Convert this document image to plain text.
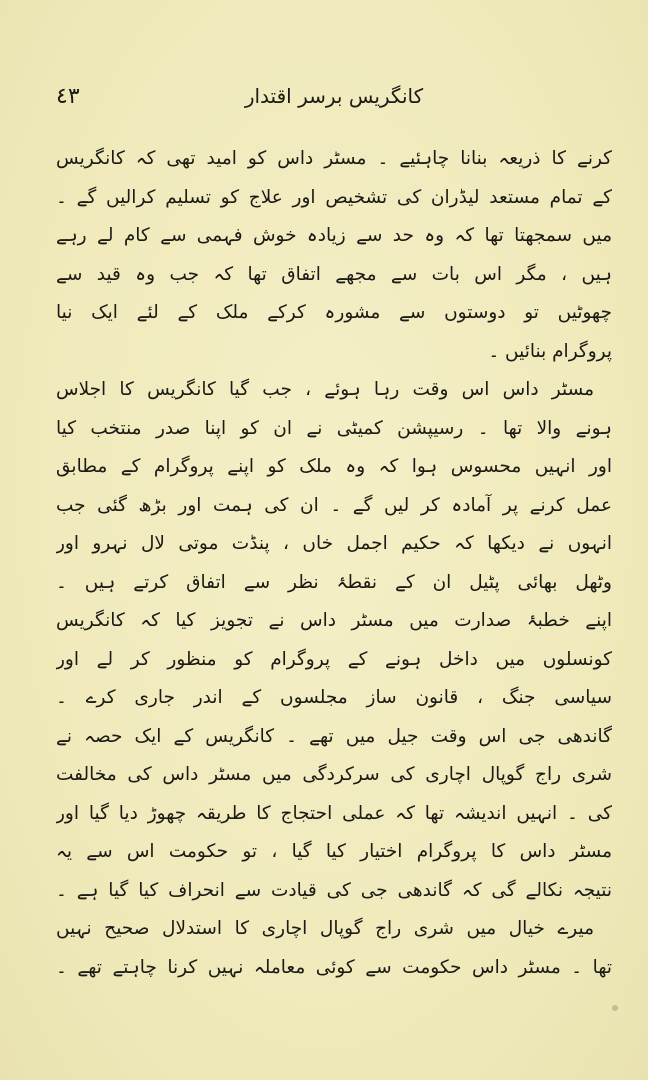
٤٣	کانگریس برسر اقتدار
کرنے کا ذریعہ بنانا چاہئیے ۔ مسٹر داس کو امید تھی کہ کانگریس
کے تمام مستعد لیڈران کی تشخیص اور علاج کو تسلیم کرالیں گے ۔
میں سمجھتا تھا کہ وہ حد سے زیادہ خوش فہمی سے کام لے رہے
ہیں ، مگر اس بات سے مجھے اتفاق تھا کہ جب وہ قید سے
چھوٹیں تو دوستوں سے مشورہ کرکے ملک کے لئے ایک نیا
پروگرام بنائیں ۔
مسٹر داس اس وقت رہا ہوئے ، جب گیا کانگریس کا اجلاس
ہونے والا تھا ۔ رسیپشن کمیٹی نے ان کو اپنا صدر منتخب کیا
اور انہیں محسوس ہوا کہ وہ ملک کو اپنے پروگرام کے مطابق
عمل کرنے پر آمادہ کر لیں گے ۔ ان کی ہمت اور بڑھ گئی جب
انہوں نے دیکھا کہ حکیم اجمل خاں ، پنڈت موتی لال نہرو اور
وٹھل بھائی پٹیل ان کے نقطۂ نظر سے اتفاق کرتے ہیں ۔
اپنے خطبۂ صدارت میں مسٹر داس نے تجویز کیا کہ کانگریس
کونسلوں میں داخل ہونے کے پروگرام کو منظور کر لے اور
سیاسی جنگ ، قانون ساز مجلسوں کے اندر جاری کرے ۔
گاندھی جی اس وقت جیل میں تھے ۔ کانگریس کے ایک حصہ نے
شری راج گوپال اچاری کی سرکردگی میں مسٹر داس کی مخالفت
کی ۔ انہیں اندیشہ تھا کہ عملی احتجاج کا طریقہ چھوڑ دیا گیا اور
مسٹر داس کا پروگرام اختیار کیا گیا ، تو حکومت اس سے یہ
نتیجہ نکالے گی کہ گاندھی جی کی قیادت سے انحراف کیا گیا ہے ۔
میرے خیال میں شری راج گوپال اچاری کا استدلال صحیح نہیں
تھا ۔ مسٹر داس حکومت سے کوئی معاملہ نہیں کرنا چاہتے تھے ۔
